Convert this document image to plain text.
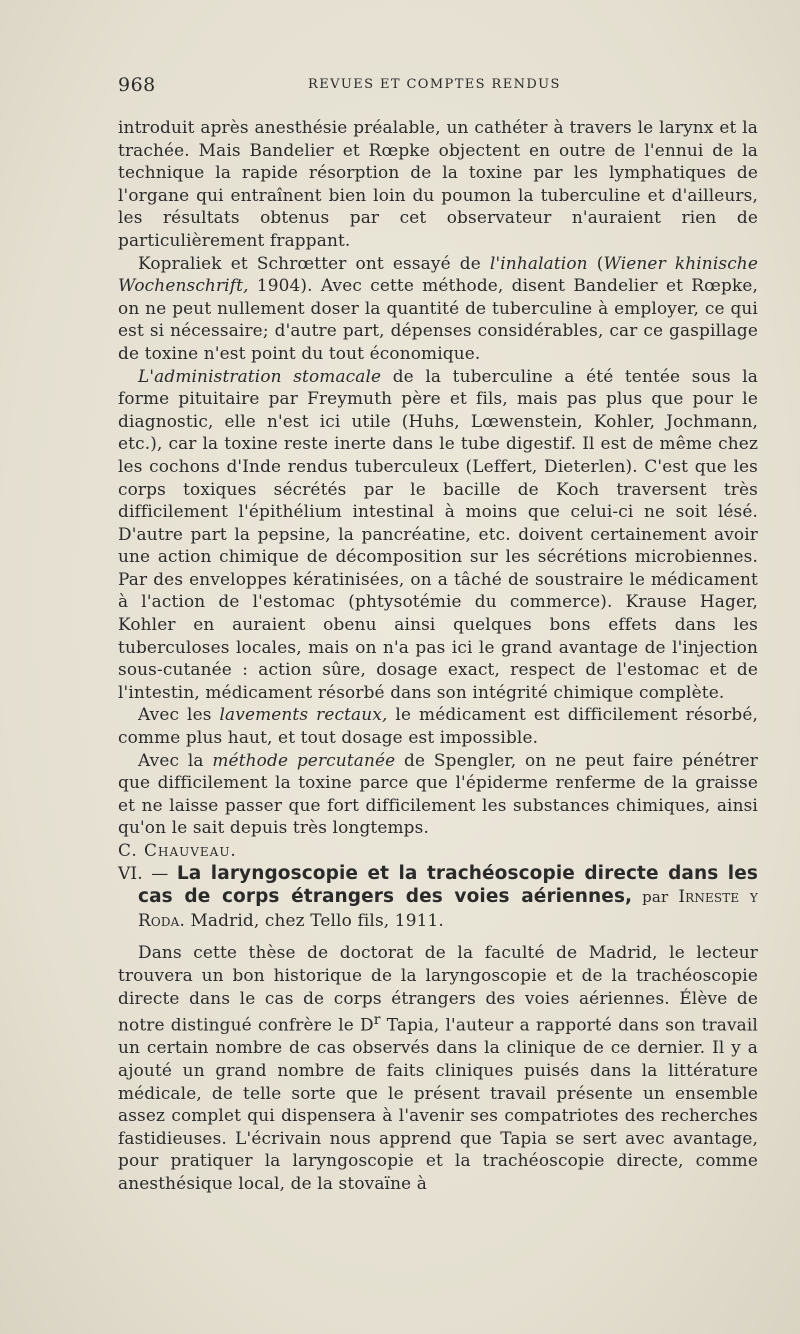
968	REVUES ET COMPTES RENDUS

introduit après anesthésie préalable, un cathéter à travers le larynx et la trachée. Mais Bandelier et Rœpke objectent en outre de l'ennui de la technique la rapide résorption de la toxine par les lymphatiques de l'organe qui entraînent bien loin du poumon la tuberculine et d'ailleurs, les résultats obtenus par cet observateur n'auraient rien de particulièrement frappant.

Kopraliek et Schrœtter ont essayé de l'inhalation (Wiener khinische Wochenschrift, 1904). Avec cette méthode, disent Bandelier et Rœpke, on ne peut nullement doser la quantité de tuberculine à employer, ce qui est si nécessaire; d'autre part, dépenses considérables, car ce gaspillage de toxine n'est point du tout économique.

L'administration stomacale de la tuberculine a été tentée sous la forme pituitaire par Freymuth père et fils, mais pas plus que pour le diagnostic, elle n'est ici utile (Huhs, Lœwenstein, Kohler, Jochmann, etc.), car la toxine reste inerte dans le tube digestif. Il est de même chez les cochons d'Inde rendus tuberculeux (Leffert, Dieterlen). C'est que les corps toxiques sécrétés par le bacille de Koch traversent très difficilement l'épithélium intestinal à moins que celui-ci ne soit lésé. D'autre part la pepsine, la pancréatine, etc. doivent certainement avoir une action chimique de décomposition sur les sécrétions microbiennes. Par des enveloppes kératinisées, on a tâché de soustraire le médicament à l'action de l'estomac (phtysotémie du commerce). Krause Hager, Kohler en auraient obenu ainsi quelques bons effets dans les tuberculoses locales, mais on n'a pas ici le grand avantage de l'injection sous-cutanée : action sûre, dosage exact, respect de l'estomac et de l'intestin, médicament résorbé dans son intégrité chimique complète.

Avec les lavements rectaux, le médicament est difficilement résorbé, comme plus haut, et tout dosage est impossible.

Avec la méthode percutanée de Spengler, on ne peut faire pénétrer que difficilement la toxine parce que l'épiderme renferme de la graisse et ne laisse passer que fort difficilement les substances chimiques, ainsi qu'on le sait depuis très longtemps.

C. Chauveau.

VI. — La laryngoscopie et la trachéoscopie directe dans les cas de corps étrangers des voies aériennes, par Irneste y Roda. Madrid, chez Tello fils, 1911.

Dans cette thèse de doctorat de la faculté de Madrid, le lecteur trouvera un bon historique de la laryngoscopie et de la trachéoscopie directe dans le cas de corps étrangers des voies aériennes. Élève de notre distingué confrère le $D^r$ Tapia, l'auteur a rapporté dans son travail un certain nombre de cas observés dans la clinique de ce dernier. Il y a ajouté un grand nombre de faits cliniques puisés dans la littérature médicale, de telle sorte que le présent travail présente un ensemble assez complet qui dispensera à l'avenir ses compatriotes des recherches fastidieuses. L'écrivain nous apprend que Tapia se sert avec avantage, pour pratiquer la laryngoscopie et la trachéoscopie directe, comme anesthésique local, de la stovaïne à
